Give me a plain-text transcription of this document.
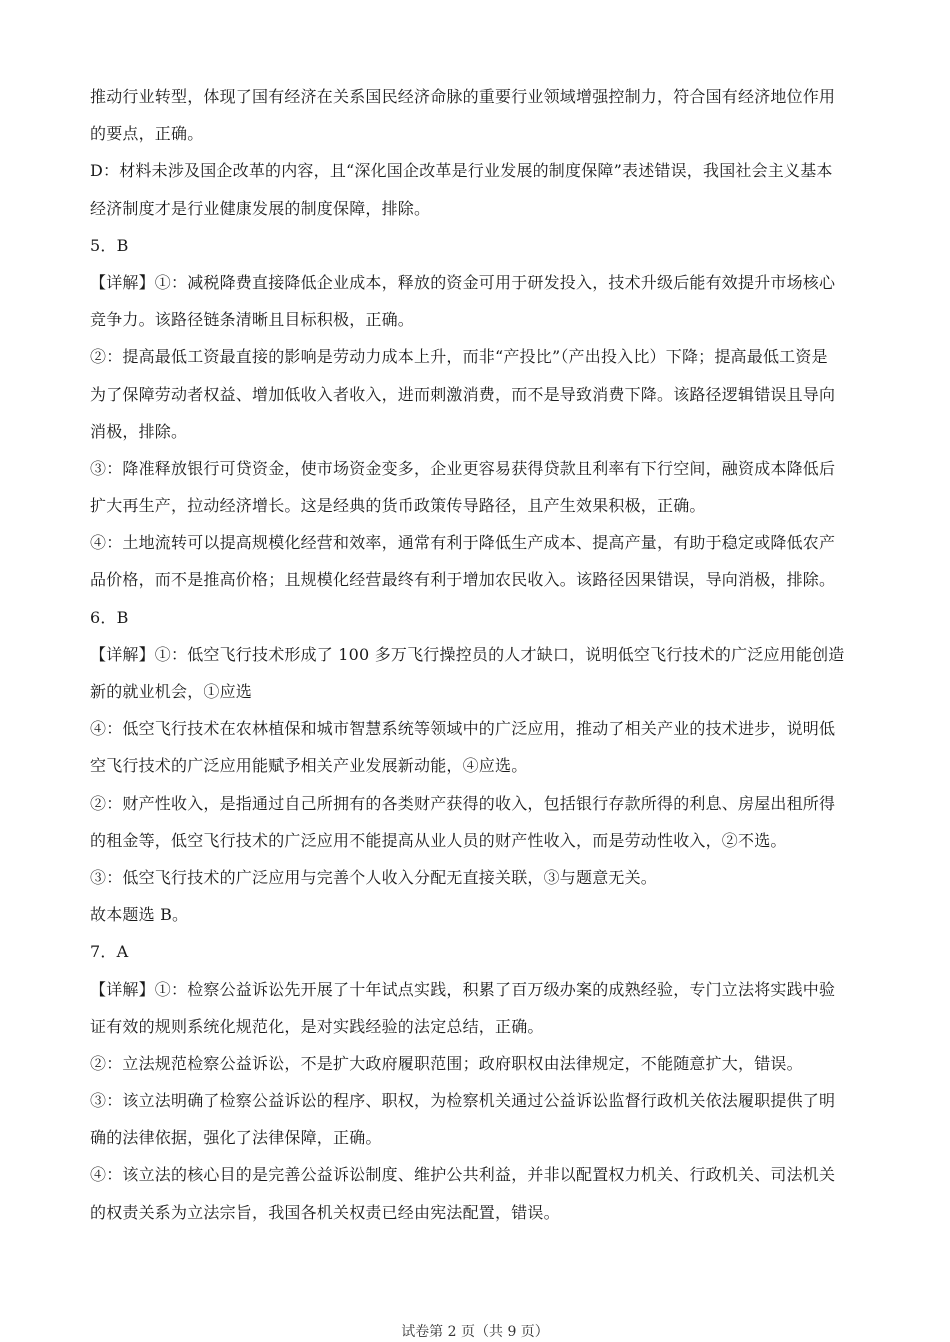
推动行业转型，体现了国有经济在关系国民经济命脉的重要行业领域增强控制力，符合国有经济地位作用
的要点，正确。
D：材料未涉及国企改革的内容，且“深化国企改革是行业发展的制度保障”表述错误，我国社会主义基本
经济制度才是行业健康发展的制度保障，排除。
5．B
【详解】①：减税降费直接降低企业成本，释放的资金可用于研发投入，技术升级后能有效提升市场核心
竞争力。该路径链条清晰且目标积极，正确。
②：提高最低工资最直接的影响是劳动力成本上升，而非“产投比”（产出投入比）下降；提高最低工资是
为了保障劳动者权益、增加低收入者收入，进而刺激消费，而不是导致消费下降。该路径逻辑错误且导向
消极，排除。
③：降准释放银行可贷资金，使市场资金变多，企业更容易获得贷款且利率有下行空间，融资成本降低后
扩大再生产，拉动经济增长。这是经典的货币政策传导路径，且产生效果积极，正确。
④：土地流转可以提高规模化经营和效率，通常有利于降低生产成本、提高产量，有助于稳定或降低农产
品价格，而不是推高价格；且规模化经营最终有利于增加农民收入。该路径因果错误，导向消极，排除。
6．B
【详解】①：低空飞行技术形成了 100 多万飞行操控员的人才缺口，说明低空飞行技术的广泛应用能创造
新的就业机会，①应选
④：低空飞行技术在农林植保和城市智慧系统等领域中的广泛应用，推动了相关产业的技术进步，说明低
空飞行技术的广泛应用能赋予相关产业发展新动能，④应选。
②：财产性收入，是指通过自己所拥有的各类财产获得的收入，包括银行存款所得的利息、房屋出租所得
的租金等，低空飞行技术的广泛应用不能提高从业人员的财产性收入，而是劳动性收入，②不选。
③：低空飞行技术的广泛应用与完善个人收入分配无直接关联，③与题意无关。
故本题选 B。
7．A
【详解】①：检察公益诉讼先开展了十年试点实践，积累了百万级办案的成熟经验，专门立法将实践中验
证有效的规则系统化规范化，是对实践经验的法定总结，正确。
②：立法规范检察公益诉讼，不是扩大政府履职范围；政府职权由法律规定，不能随意扩大，错误。
③：该立法明确了检察公益诉讼的程序、职权，为检察机关通过公益诉讼监督行政机关依法履职提供了明
确的法律依据，强化了法律保障，正确。
④：该立法的核心目的是完善公益诉讼制度、维护公共利益，并非以配置权力机关、行政机关、司法机关
的权责关系为立法宗旨，我国各机关权责已经由宪法配置，错误。
试卷第 2 页（共 9 页）
